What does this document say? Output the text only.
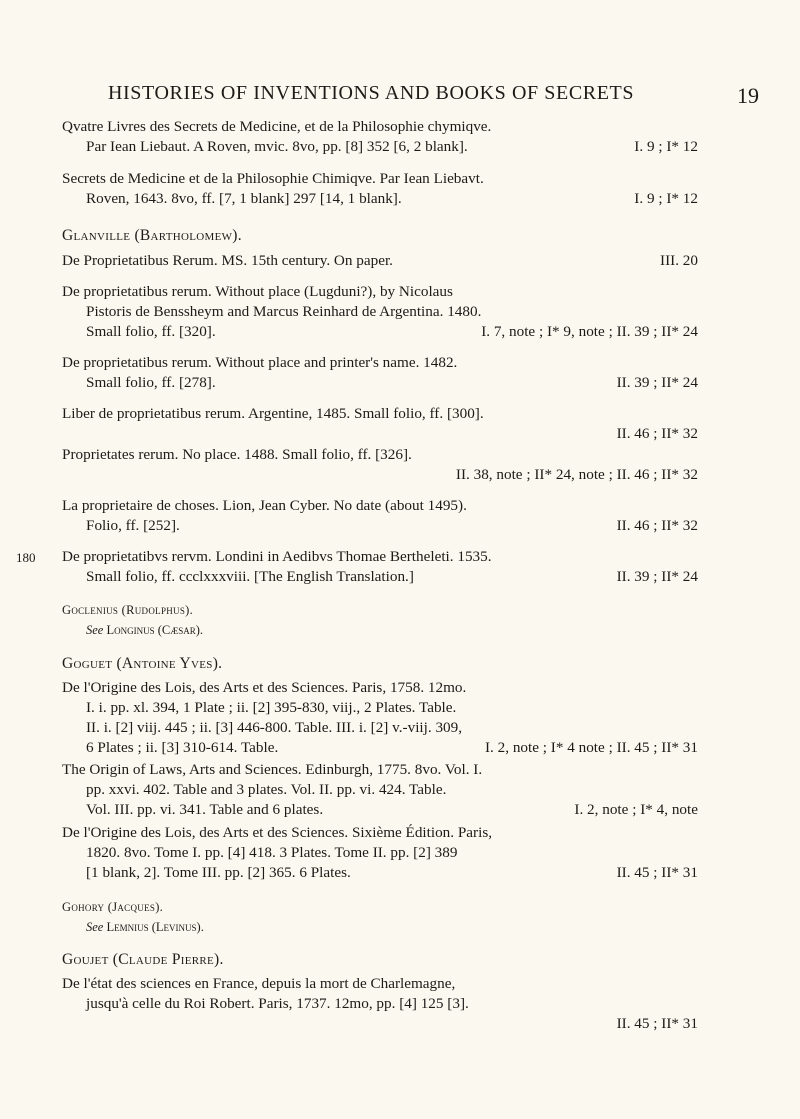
HISTORIES OF INVENTIONS AND BOOKS OF SECRETS	19
Qvatre Livres des Secrets de Medicine, et de la Philosophie chymiqve.
Par Iean Liebaut. A Roven, mvic. 8vo, pp. [8] 352 [6, 2 blank].	I. 9 ; I* 12
Secrets de Medicine et de la Philosophie Chimiqve. Par Iean Liebavt.
Roven, 1643. 8vo, ff. [7, 1 blank] 297 [14, 1 blank].	I. 9 ; I* 12
Glanville (Bartholomew).
De Proprietatibus Rerum. MS. 15th century. On paper.	III. 20
De proprietatibus rerum. Without place (Lugduni?), by Nicolaus
Pistoris de Benssheym and Marcus Reinhard de Argentina. 1480.
Small folio, ff. [320].	I. 7, note ; I* 9, note ; II. 39 ; II* 24
De proprietatibus rerum. Without place and printer's name. 1482.
Small folio, ff. [278].	II. 39 ; II* 24
Liber de proprietatibus rerum. Argentine, 1485. Small folio, ff. [300].
II. 46 ; II* 32
Proprietates rerum. No place. 1488. Small folio, ff. [326].
II. 38, note ; II* 24, note ; II. 46 ; II* 32
La proprietaire de choses. Lion, Jean Cyber. No date (about 1495).
Folio, ff. [252].	II. 46 ; II* 32
180 De proprietatibvs rervm. Londini in Aedibvs Thomae Bertheleti. 1535.
Small folio, ff. ccclxxxviii. [The English Translation.]	II. 39 ; II* 24
Goclenius (Rudolphus).
See Longinus (Cæsar).
Goguet (Antoine Yves).
De l'Origine des Lois, des Arts et des Sciences. Paris, 1758. 12mo.
I. i. pp. xl. 394, 1 Plate ; ii. [2] 395-830, viij., 2 Plates. Table.
II. i. [2] viij. 445 ; ii. [3] 446-800. Table. III. i. [2] v.-viij. 309,
6 Plates ; ii. [3] 310-614. Table.	I. 2, note ; I* 4 note ; II. 45 ; II* 31
The Origin of Laws, Arts and Sciences. Edinburgh, 1775. 8vo. Vol. I.
pp. xxvi. 402. Table and 3 plates. Vol. II. pp. vi. 424. Table.
Vol. III. pp. vi. 341. Table and 6 plates.	I. 2, note ; I* 4, note
De l'Origine des Lois, des Arts et des Sciences. Sixième Édition. Paris,
1820. 8vo. Tome I. pp. [4] 418. 3 Plates. Tome II. pp. [2] 389
[1 blank, 2]. Tome III. pp. [2] 365. 6 Plates.	II. 45 ; II* 31
Gohory (Jacques).
See Lemnius (Levinus).
Goujet (Claude Pierre).
De l'état des sciences en France, depuis la mort de Charlemagne,
jusqu'à celle du Roi Robert. Paris, 1737. 12mo, pp. [4] 125 [3].
II. 45 ; II* 31
